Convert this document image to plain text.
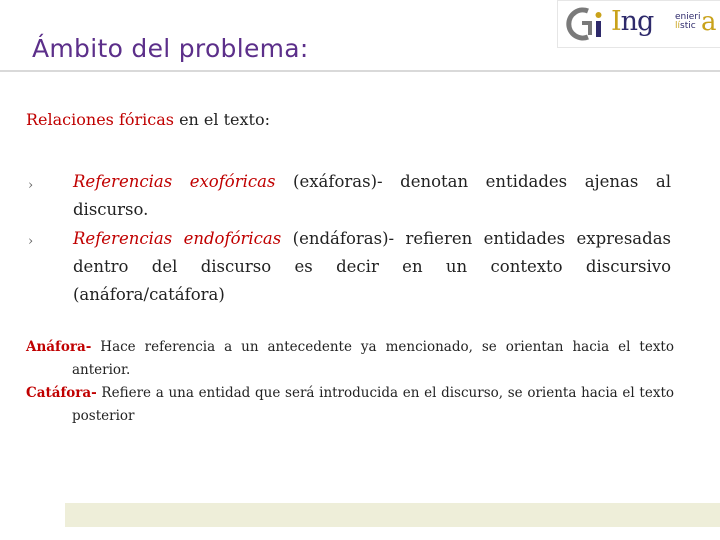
Ámbito del problema:
Ing enieri
lístic a
Relaciones fóricas en el texto:
› Referencias exofóricas (exáforas)- denotan entidades ajenas al discurso.
› Referencias endofóricas (endáforas)- refieren entidades expresadas dentro del discurso es decir en un contexto discursivo (anáfora/catáfora)
Anáfora- Hace referencia a un antecedente ya mencionado, se orientan hacia el texto anterior.
Catáfora- Refiere a una entidad que será introducida en el discurso, se orienta hacia el texto posterior
